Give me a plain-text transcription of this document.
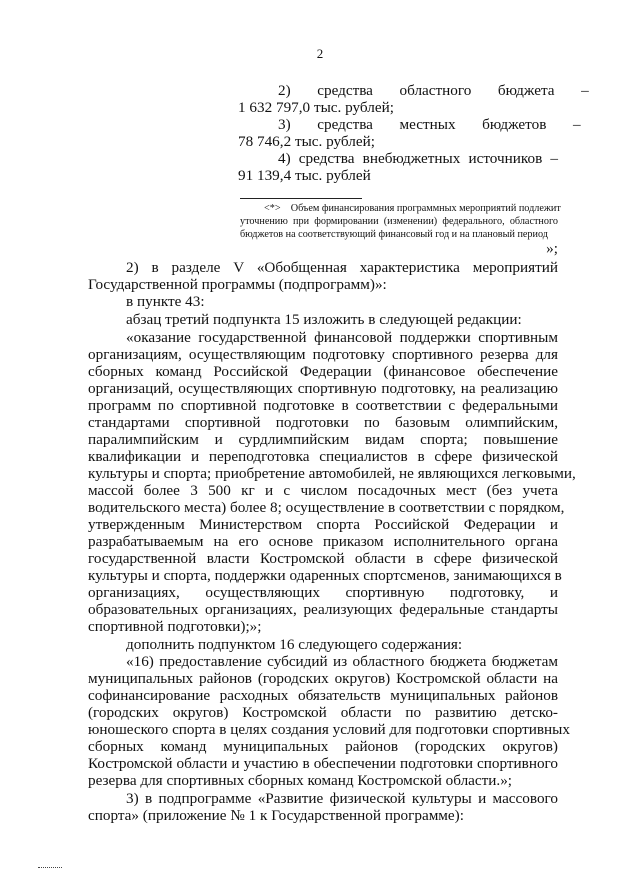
2
2)       средства       областного       бюджета       –
1 632 797,0 тыс. рублей;
3)       средства       местных       бюджетов       –
78 746,2 тыс. рублей;
4)  средства  внебюджетных  источников  –
91 139,4 тыс. рублей
<*>    Объем финансирования программных мероприятий подлежит
уточнению при формировании (изменении) федерального, областного
бюджетов на соответствующий финансовый год и на плановый период
»;
2) в разделе V «Обобщенная характеристика мероприятий
Государственной программы (подпрограмм)»:
в пункте 43:
абзац третий подпункта 15 изложить в следующей редакции:
«оказание государственной финансовой поддержки спортивным
организациям, осуществляющим подготовку спортивного резерва для
сборных команд Российской Федерации (финансовое обеспечение
организаций, осуществляющих спортивную подготовку, на реализацию
программ по спортивной подготовке в соответствии с федеральными
стандартами спортивной подготовки по базовым олимпийским,
паралимпийским и сурдлимпийским видам спорта; повышение
квалификации и переподготовка специалистов в сфере физической
культуры и спорта; приобретение автомобилей, не являющихся легковыми,
массой более 3 500 кг и с числом посадочных мест (без учета
водительского места) более 8; осуществление в соответствии с порядком,
утвержденным Министерством спорта Российской Федерации и
разрабатываемым на его основе приказом исполнительного органа
государственной власти Костромской области в сфере физической
культуры и спорта, поддержки одаренных спортсменов, занимающихся в
организациях, осуществляющих спортивную подготовку, и
образовательных организациях, реализующих федеральные стандарты
спортивной подготовки);»;
дополнить подпунктом 16 следующего содержания:
«16) предоставление субсидий из областного бюджета бюджетам
муниципальных районов (городских округов) Костромской области на
софинансирование расходных обязательств муниципальных районов
(городских округов) Костромской области по развитию детско-
юношеского спорта в целях создания условий для подготовки спортивных
сборных команд муниципальных районов (городских округов)
Костромской области и участию в обеспечении подготовки спортивного
резерва для спортивных сборных команд Костромской области.»;
3) в подпрограмме «Развитие физической культуры и массового
спорта» (приложение № 1 к Государственной программе):
